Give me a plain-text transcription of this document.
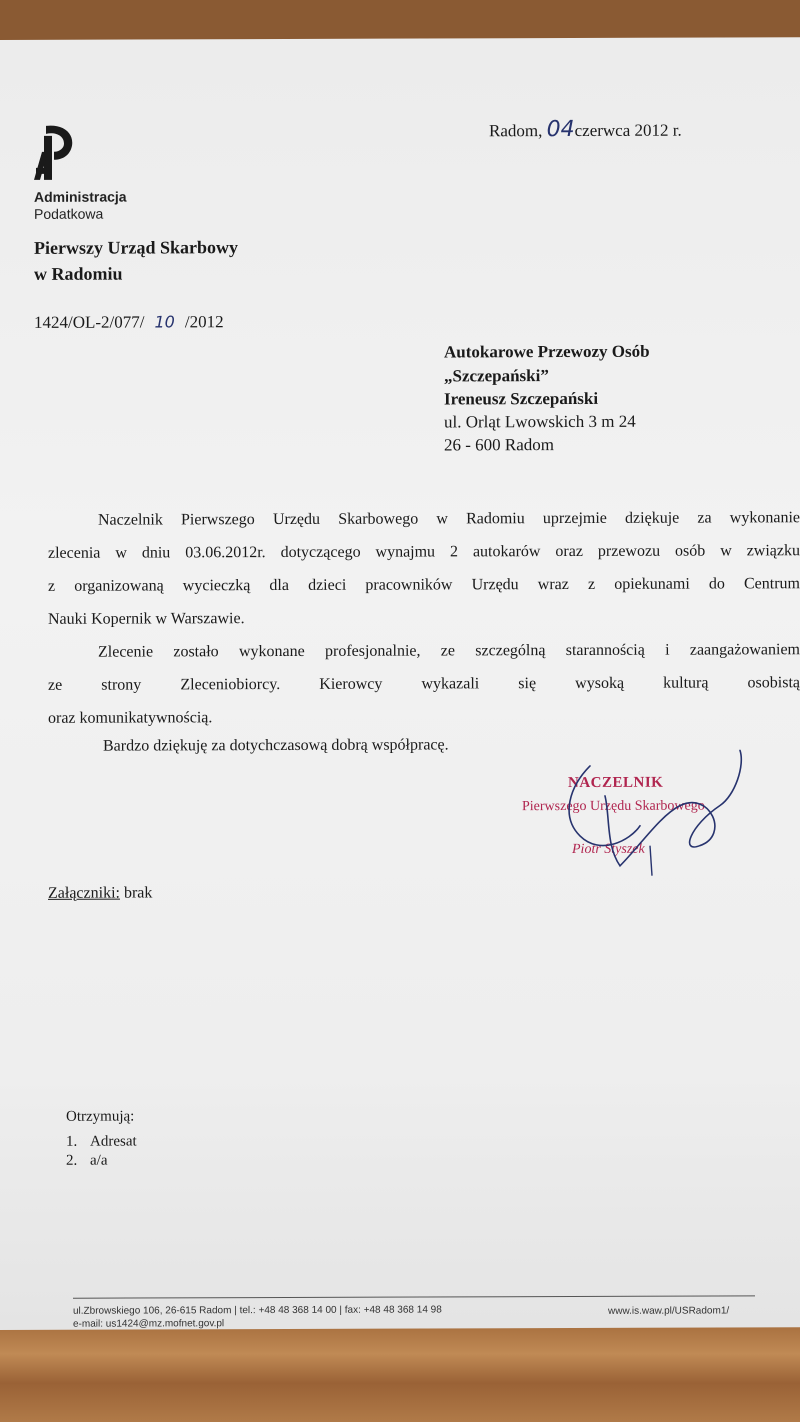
Administracja
Podatkowa
Pierwszy Urząd Skarbowy
w Radomiu
1424/OL-2/077/ 10 /2012
Radom, 04czerwca 2012 r.
Autokarowe Przewozy Osób
„Szczepański”
Ireneusz Szczepański
ul. Orląt Lwowskich 3 m 24
26 - 600 Radom
Naczelnik Pierwszego Urzędu Skarbowego w Radomiu uprzejmie dziękuje za wykonanie
zlecenia w dniu 03.06.2012r. dotyczącego wynajmu 2 autokarów oraz przewozu osób w związku
z organizowaną wycieczką dla dzieci pracowników Urzędu wraz z opiekunami do Centrum
Nauki Kopernik w Warszawie.
Zlecenie zostało wykonane profesjonalnie, ze szczególną starannością i zaangażowaniem
ze strony Zleceniobiorcy. Kierowcy wykazali się wysoką kulturą osobistą
oraz komunikatywnością.
Bardzo dziękuję za dotychczasową dobrą współpracę.
NACZELNIK
Pierwszego Urzędu Skarbowego
Piotr Styszek
Załączniki: brak
Otrzymują:
1. Adresat
2. a/a
ul.Zbrowskiego 106, 26-615 Radom | tel.: +48 48 368 14 00 | fax: +48 48 368 14 98
e-mail: us1424@mz.mofnet.gov.pl
www.is.waw.pl/USRadom1/
